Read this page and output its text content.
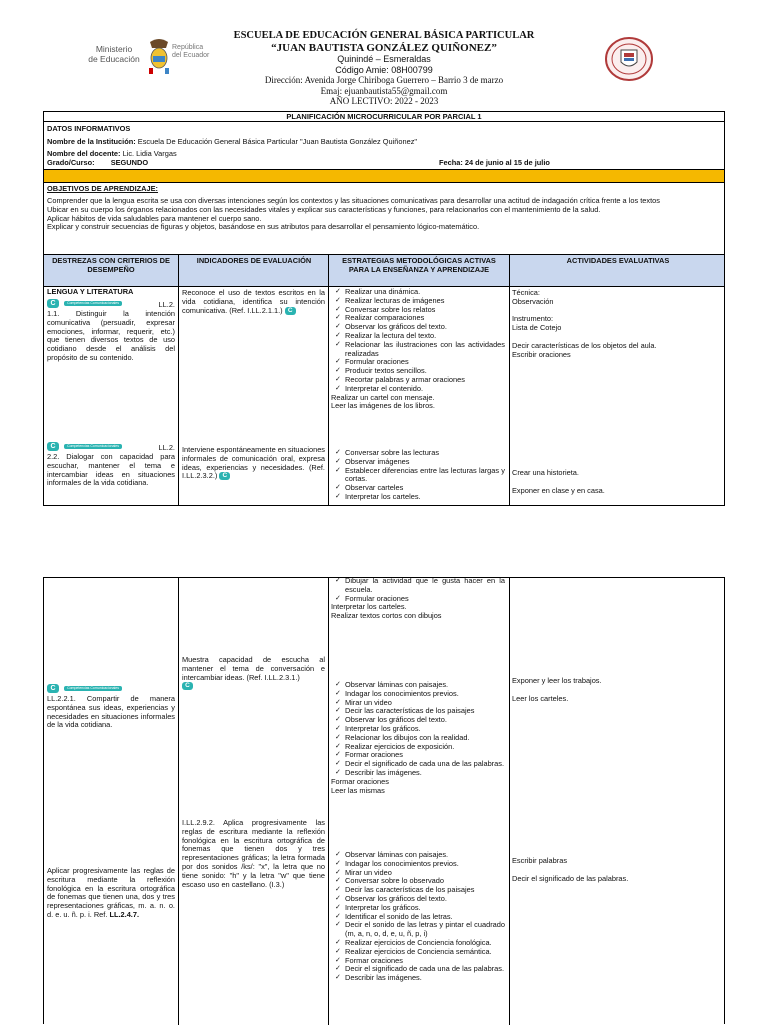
Ministerio
de Educación
República
del Ecuador
ESCUELA DE EDUCACIÓN GENERAL BÁSICA PARTICULAR
“JUAN BAUTISTA GONZÁLEZ QUIÑONEZ”
Quinindé – Esmeraldas
Código Amie: 08H00799
Dirección: Avenida Jorge Chiriboga Guerrero – Barrio 3 de marzo
Emaj: ejuanbautista55@gmail.com
AÑO LECTIVO: 2022 - 2023
PLANIFICACIÓN MICROCURRICULAR POR PARCIAL 1
DATOS INFORMATIVOS
Nombre de la Institución: Escuela De Educación General Básica Particular "Juan Bautista González Quiñonez"
Nombre del docente: Lic. Lidia Vargas
Grado/Curso: SEGUNDO	Fecha: 24 de junio al 15 de julio
OBJETIVOS DE APRENDIZAJE:
Comprender que la lengua escrita se usa con diversas intenciones según los contextos y las situaciones comunicativas para desarrollar una actitud de indagación crítica frente a los textos
Ubicar en su cuerpo los órganos relacionados con las necesidades vitales y explicar sus características y funciones, para relacionarlos con el mantenimiento de la salud.
Aplicar hábitos de vida saludables para mantener el cuerpo sano.
Explicar y construir secuencias de figuras y objetos, basándose en sus atributos para desarrollar el pensamiento lógico-matemático.
DESTREZAS CON CRITERIOS DE DESEMPEÑO
INDICADORES DE EVALUACIÓN	ESTRATEGIAS METODOLÓGICAS ACTIVAS PARA LA ENSEÑANZA Y APRENDIZAJE
ACTIVIDADES EVALUATIVAS
LENGUA Y LITERATURA
C	Competencias Comunicacionales	LL.2.
1.1. Distinguir la intención comunicativa (persuadir, expresar emociones, informar, requerir, etc.) que tienen diversos textos de uso cotidiano desde el análisis del propósito de su contenido.
Reconoce el uso de textos escritos en la vida cotidiana, identifica su intención comunicativa. (Ref. I.LL.2.1.1.) C
✓ Realizar una dinámica.
✓ Realizar lecturas de imágenes
✓ Conversar sobre los relatos
✓ Realizar comparaciones
✓ Observar los gráficos del texto.
✓ Realizar la lectura del texto.
✓ Relacionar las ilustraciones con las actividades realizadas
✓ Formular oraciones
✓ Producir textos sencillos.
✓ Recortar palabras y armar oraciones
✓ Interpretar el contenido.
Realizar un cartel con mensaje.
Leer las imágenes de los libros.
Técnica:
Observación
Instrumento:
Lista de Cotejo
Decir características de los objetos del aula.
Escribir oraciones
C	Competencias Comunicacionales	LL.2.
2.2. Dialogar con capacidad para escuchar, mantener el tema e intercambiar ideas en situaciones informales de la vida cotidiana.
Interviene espontáneamente en situaciones informales de comunicación oral, expresa ideas, experiencias y necesidades. (Ref. I.LL.2.3.2.) C
✓ Conversar sobre las lecturas
✓ Observar imágenes
✓ Establecer diferencias entre las lecturas largas y cortas.
✓ Observar carteles
✓ Interpretar los carteles.
Crear una historieta.
Exponer en clase y en casa.
✓ Dibujar la actividad que le gusta hacer en la escuela.
✓ Formular oraciones
Interpretar los carteles.
Realizar textos cortos con dibujos
C	Competencias Comunicacionales
LL.2.2.1. Compartir de manera espontánea sus ideas, experiencias y necesidades en situaciones informales de la vida cotidiana.
Muestra capacidad de escucha al mantener el tema de conversación e intercambiar ideas. (Ref. I.LL.2.3.1.)
C
✓	Observar láminas con paisajes.
✓ Indagar los conocimientos previos.
✓ Mirar un video
✓ Decir las características de los paisajes
✓ Observar los gráficos del texto.
✓ Interpretar los gráficos.
✓ Relacionar los dibujos con la realidad.
✓ Realizar ejercicios de exposición.
✓ Formar oraciones
✓ Decir el significado de cada una de las palabras.
✓ Describir las imágenes.
Formar oraciones
Leer las mismas
Exponer y leer los trabajos.
Leer los carteles.
Aplicar progresivamente las reglas de escritura mediante la reflexión fonológica en la escritura ortográfica de fonemas que tienen una, dos y tres representaciones gráficas, m. a. n. o. d. e. u. ñ. p. i. Ref. LL.2.4.7.
I.LL.2.9.2. Aplica progresivamente las reglas de escritura mediante la reflexión fonológica en la escritura ortográfica de fonemas que tienen dos y tres representaciones gráficas; la letra formada por dos sonidos /ks/: "x", la letra que no tiene sonido: "h" y la letra "w" que tiene escaso uso en castellano. (I.3.)
✓ Observar láminas con paisajes.
✓ Indagar los conocimientos previos.
✓ Mirar un video
✓ Conversar sobre lo observado
✓ Decir las características de los paisajes
✓ Observar los gráficos del texto.
✓ Interpretar los gráficos.
✓ Identificar el sonido de las letras.
✓ Decir el sonido de las letras y pintar el cuadrado (m, a, n, o, d, e, u, ñ, p, i)
✓ Realizar ejercicios de Conciencia fonológica.
✓ Realizar ejercicios de Conciencia semántica.
✓ Formar oraciones
✓ Decir el significado de cada una de las palabras.
✓ Describir las imágenes.
Escribir palabras
Decir el significado de las palabras.
